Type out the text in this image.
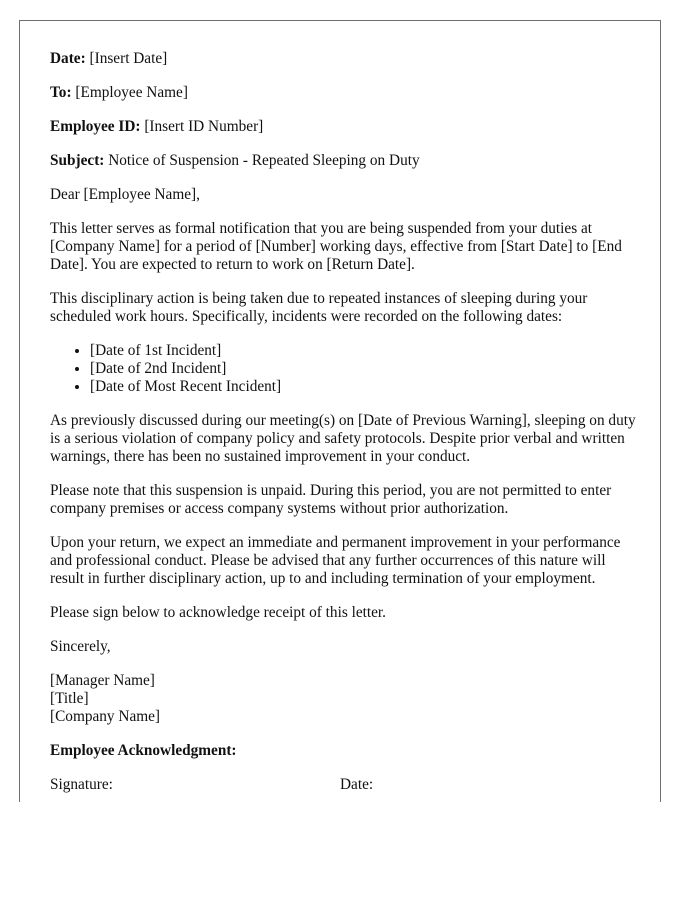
Date: [Insert Date]

To: [Employee Name]

Employee ID: [Insert ID Number]

Subject: Notice of Suspension - Repeated Sleeping on Duty

Dear [Employee Name],

This letter serves as formal notification that you are being suspended from your duties at [Company Name] for a period of [Number] working days, effective from [Start Date] to [End Date]. You are expected to return to work on [Return Date].

This disciplinary action is being taken due to repeated instances of sleeping during your scheduled work hours. Specifically, incidents were recorded on the following dates:

• [Date of 1st Incident]
• [Date of 2nd Incident]
• [Date of Most Recent Incident]

As previously discussed during our meeting(s) on [Date of Previous Warning], sleeping on duty is a serious violation of company policy and safety protocols. Despite prior verbal and written warnings, there has been no sustained improvement in your conduct.

Please note that this suspension is unpaid. During this period, you are not permitted to enter company premises or access company systems without prior authorization.

Upon your return, we expect an immediate and permanent improvement in your performance and professional conduct. Please be advised that any further occurrences of this nature will result in further disciplinary action, up to and including termination of your employment.

Please sign below to acknowledge receipt of this letter.

Sincerely,

[Manager Name]
[Title]
[Company Name]

Employee Acknowledgment:

Signature:	Date:
